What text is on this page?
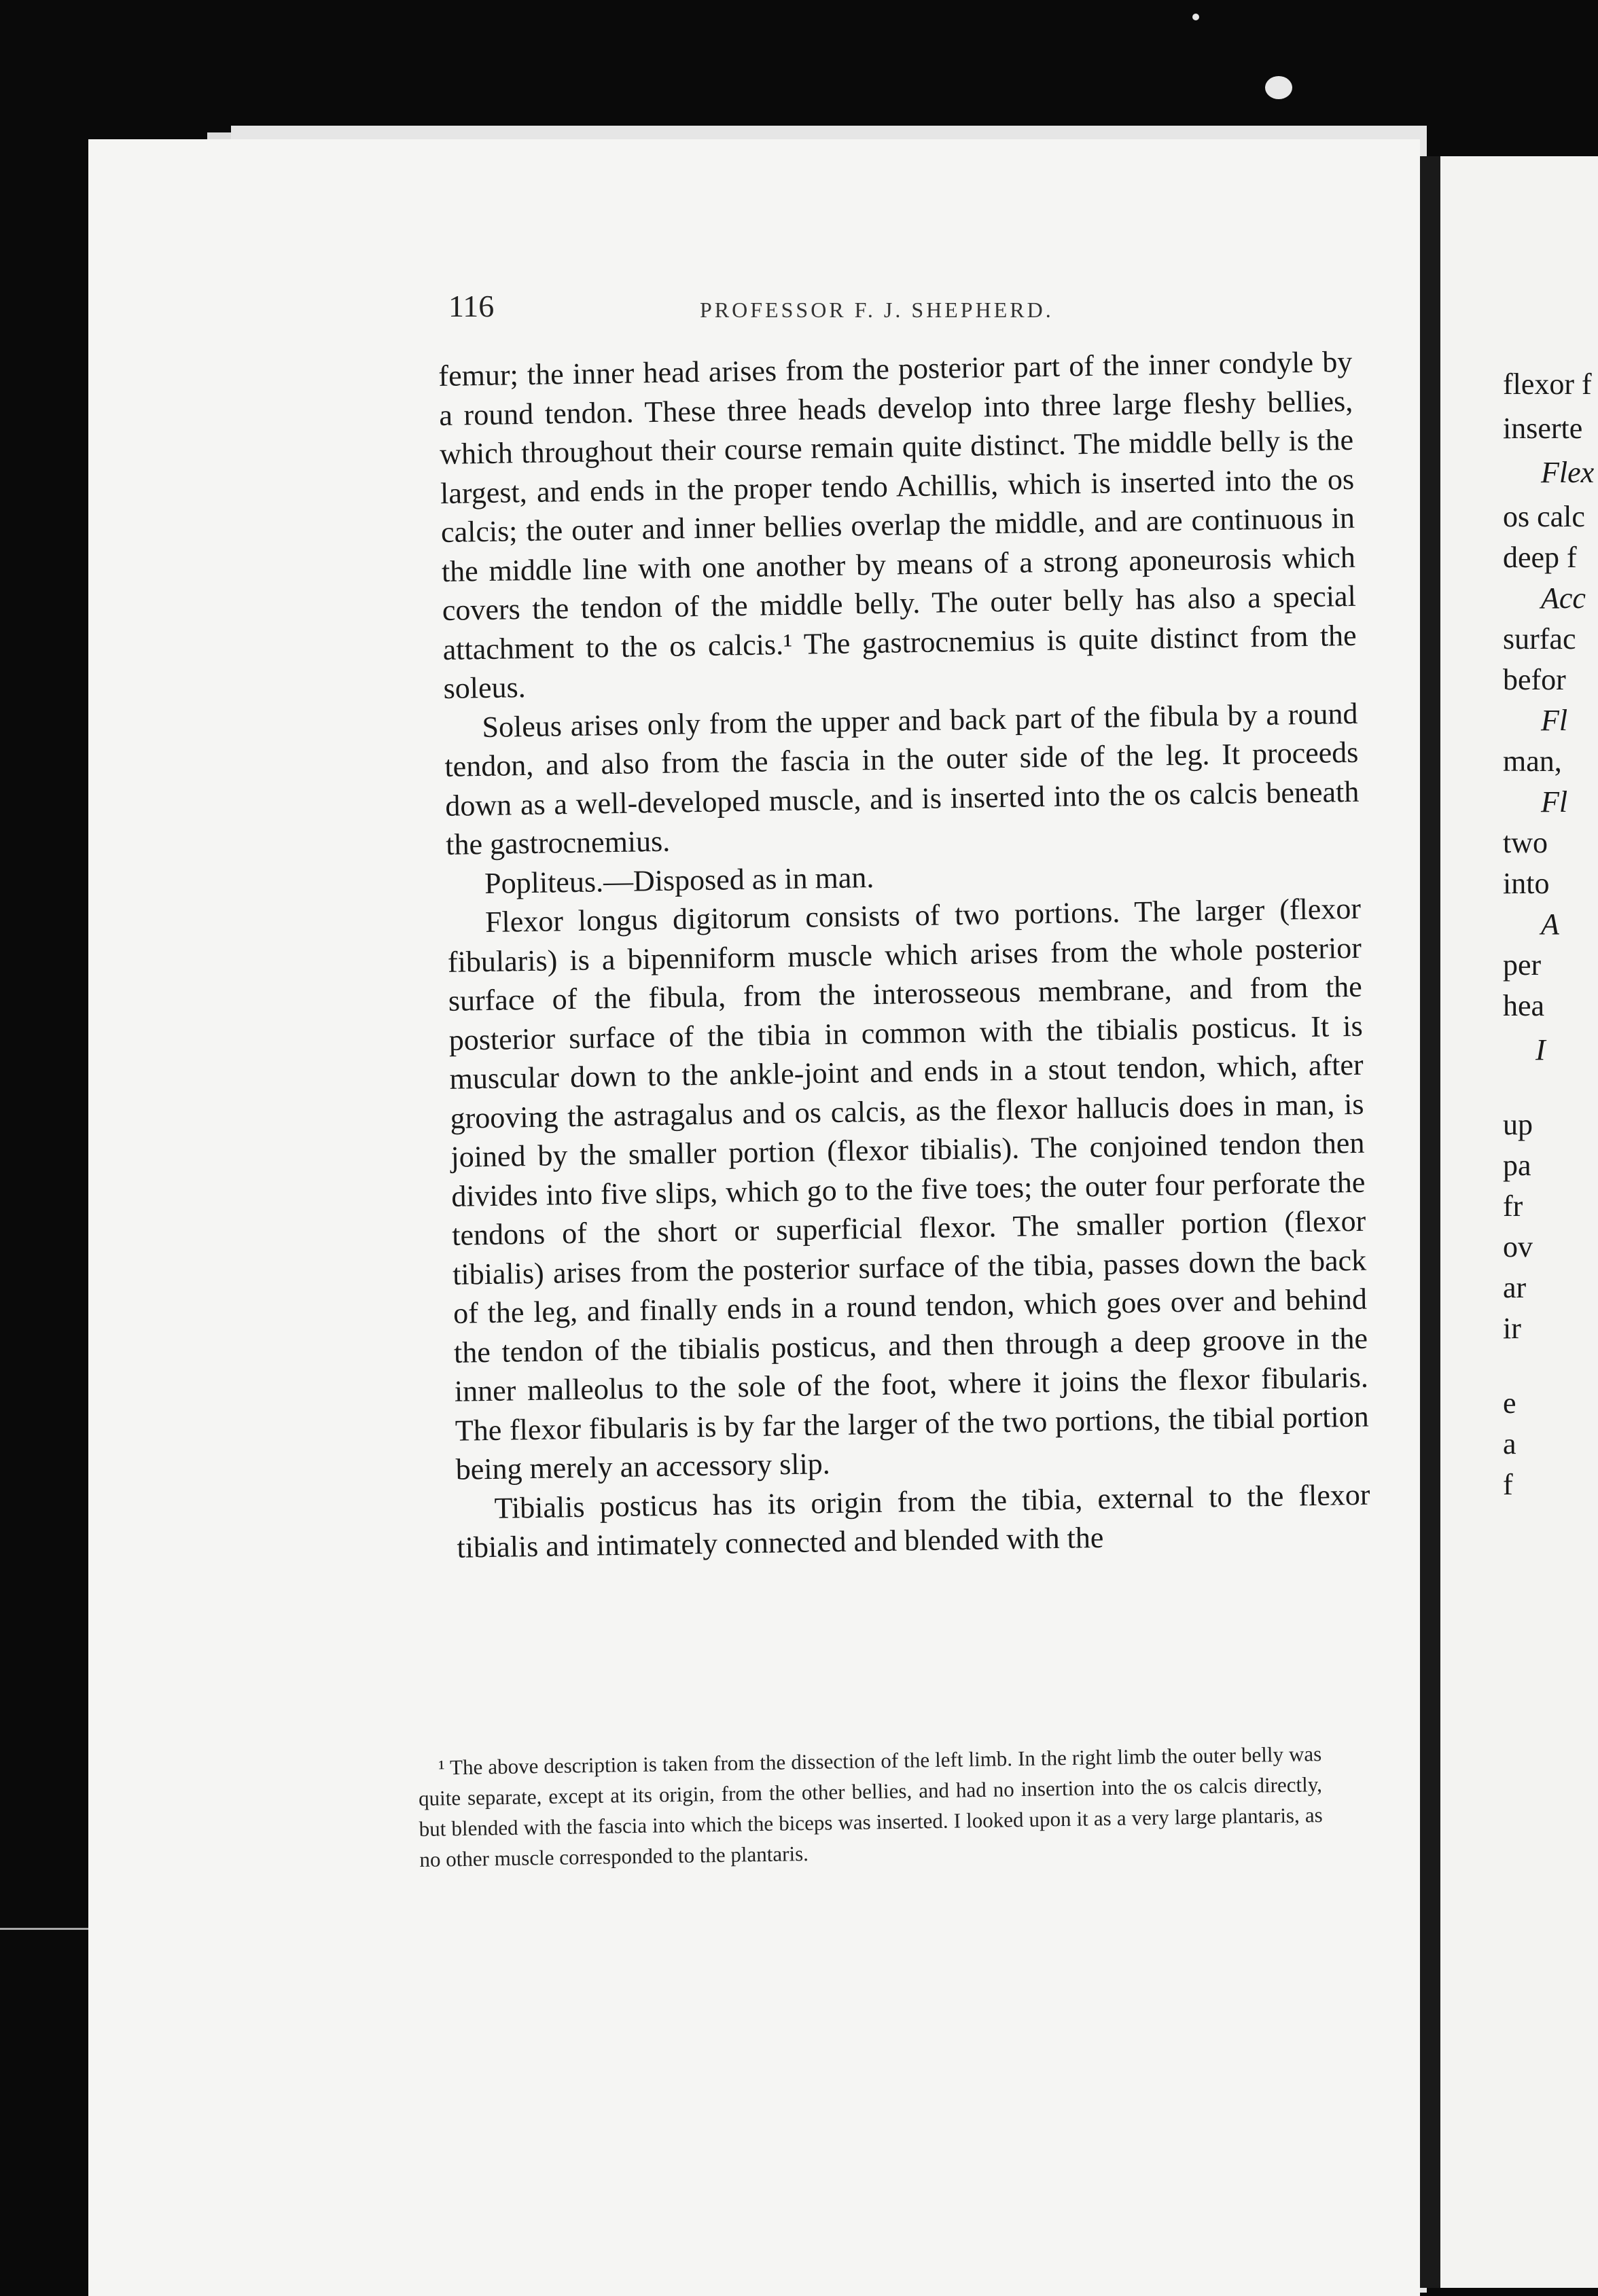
flexor f
inserte
Flex
os calc
deep f
Acc
surfac
befor
Fl
man,
Fl
two
into
A
per
hea
I
up
pa
fr
ov
ar
ir
e
a
f
116	PROFESSOR F. J. SHEPHERD.

femur; the inner head arises from the posterior part of the inner condyle by a round tendon. These three heads develop into three large fleshy bellies, which throughout their course remain quite distinct. The middle belly is the largest, and ends in the proper tendo Achillis, which is inserted into the os calcis; the outer and inner bellies overlap the middle, and are continuous in the middle line with one another by means of a strong aponeurosis which covers the tendon of the middle belly. The outer belly has also a special attachment to the os calcis.¹ The gastrocnemius is quite distinct from the soleus.

Soleus arises only from the upper and back part of the fibula by a round tendon, and also from the fascia in the outer side of the leg. It proceeds down as a well-developed muscle, and is inserted into the os calcis beneath the gastrocnemius.

Popliteus.—Disposed as in man.

Flexor longus digitorum consists of two portions. The larger (flexor fibularis) is a bipenniform muscle which arises from the whole posterior surface of the fibula, from the interosseous membrane, and from the posterior surface of the tibia in common with the tibialis posticus. It is muscular down to the ankle-joint and ends in a stout tendon, which, after grooving the astragalus and os calcis, as the flexor hallucis does in man, is joined by the smaller portion (flexor tibialis). The conjoined tendon then divides into five slips, which go to the five toes; the outer four perforate the tendons of the short or superficial flexor. The smaller portion (flexor tibialis) arises from the posterior surface of the tibia, passes down the back of the leg, and finally ends in a round tendon, which goes over and behind the tendon of the tibialis posticus, and then through a deep groove in the inner malleolus to the sole of the foot, where it joins the flexor fibularis. The flexor fibularis is by far the larger of the two portions, the tibial portion being merely an accessory slip.

Tibialis posticus has its origin from the tibia, external to the flexor tibialis and intimately connected and blended with the

¹ The above description is taken from the dissection of the left limb. In the right limb the outer belly was quite separate, except at its origin, from the other bellies, and had no insertion into the os calcis directly, but blended with the fascia into which the biceps was inserted. I looked upon it as a very large plantaris, as no other muscle corresponded to the plantaris.
